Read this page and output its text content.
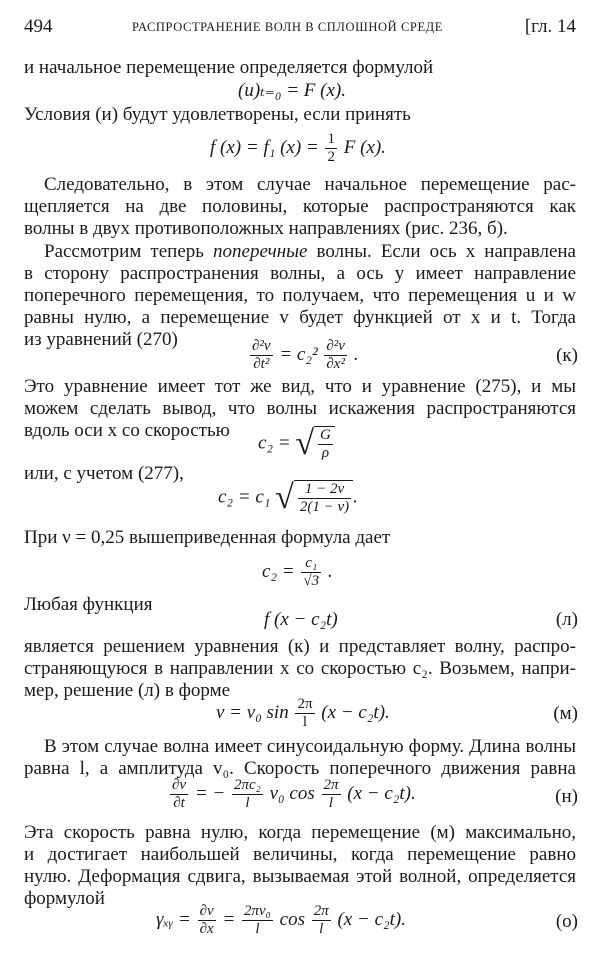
494	РАСПРОСТРАНЕНИЕ ВОЛН В СПЛОШНОЙ СРЕДЕ	[гл. 14
и начальное перемещение определяется формулой
(u)ₜ₌₀ = F (x).
Условия (и) будут удовлетворены, если принять
f (x) = f₁ $(x) = \frac{1}{2}$ F (x).
Следовательно, в этом случае начальное перемещение рас-
щепляется на две половины, которые распространяются как
волны в двух противоположных направлениях (рис. 236, б).
Рассмотрим теперь поперечные волны. Если ось x направлена
в сторону распространения волны, а ось y имеет направление
поперечного перемещения, то получаем, что перемещения u и w
равны нулю, а перемещение v будет функцией от x и t. Тогда
из уравнений (270)	$\frac{\text{∂²v}}{\text{∂t²}} = c_2^2 \frac{\text{∂²v}}{\text{∂x²}}$ .	(к)
Это уравнение имеет тот же вид, что и уравнение (275), и мы
можем сделать вывод, что волны искажения распространяются
вдоль оси x со скоростью
c₂ = √ $\frac{G}{\rho}$
или, с учетом (277),
c₂ = c₁ √ $\frac{1 - 2\nu}{2(1 - \nu)}$ .
При ν = 0,25 вышеприведенная формула дает
$c_2 = \frac{\text{c₁}}{√3}$ .
Любая функция
f (x − c₂t)	(л)
является решением уравнения (к) и представляет волну, распро-
страняющуюся в направлении x со скоростью c₂. Возьмем, напри-
мер, решение (л) в форме
v = v₀ $\sin \frac{2\pi}{l} (x - c_2t)$.	(м)
В этом случае волна имеет синусоидальную форму. Длина волны
равна l, а амплитуда v₀. Скорость поперечного движения равна
$\frac{\partial v}{\partial t}$ = − $\frac{\text{2πc₂}}{l} v_0$ $\cos \frac{2\pi}{l} (x - c_2t)$.	(н)
Эта скорость равна нулю, когда перемещение (м) максимально,
и достигает наибольшей величины, когда перемещение равно
нулю. Деформация сдвига, вызываемая этой волной, определяется
формулой
γₓᵧ = $\frac{\partial v}{\partial x} = \frac{\text{2πv₀}}{l}$ $\cos \frac{2\pi}{l} (x - c_2t)$.	(о)
